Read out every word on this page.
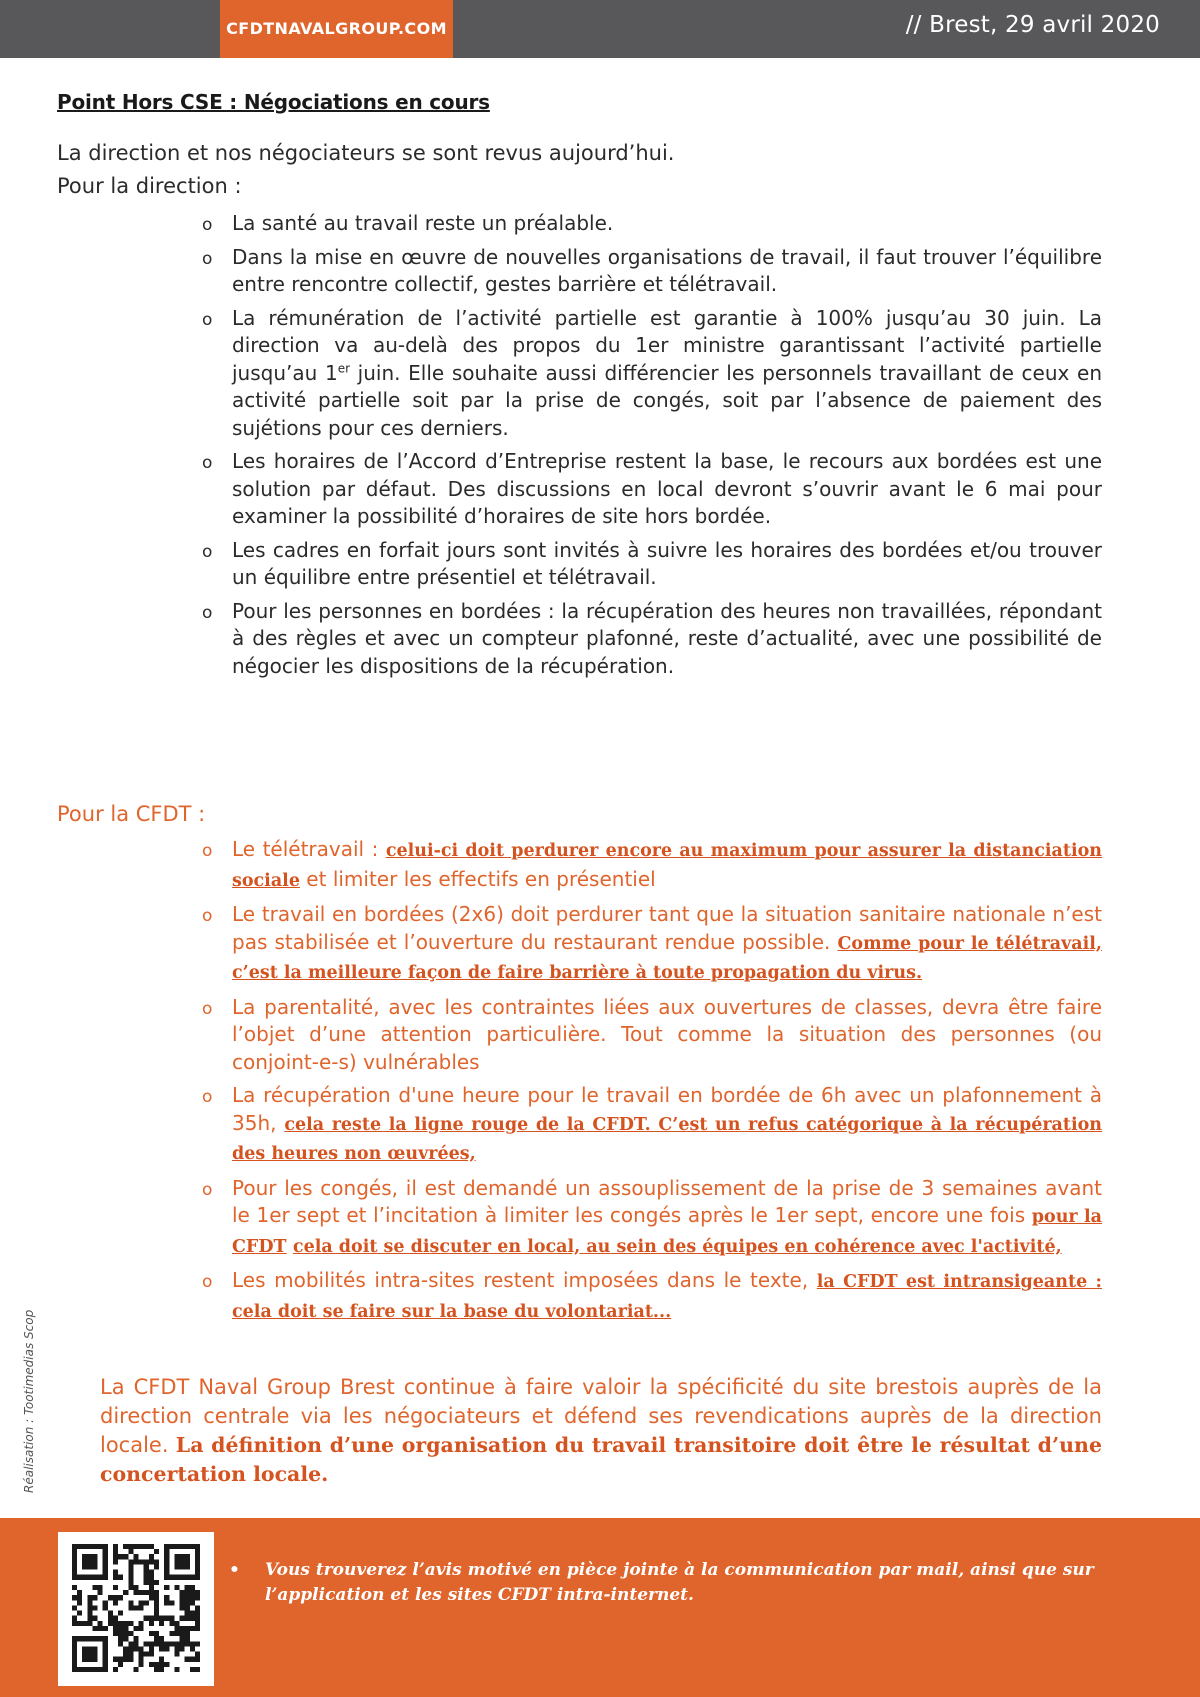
CFDTNAVALGROUP.COM	// Brest, 29 avril 2020
Point Hors CSE : Négociations en cours
La direction et nos négociateurs se sont revus aujourd’hui.
Pour la direction :
o La santé au travail reste un préalable.
o Dans la mise en œuvre de nouvelles organisations de travail, il faut trouver l’équilibre entre rencontre collectif, gestes barrière et télétravail.
o La rémunération de l’activité partielle est garantie à 100% jusqu’au 30 juin. La direction va au-delà des propos du 1er ministre garantissant l’activité partielle jusqu’au 1er juin. Elle souhaite aussi différencier les personnels travaillant de ceux en activité partielle soit par la prise de congés, soit par l’absence de paiement des sujétions pour ces derniers.
o Les horaires de l’Accord d’Entreprise restent la base, le recours aux bordées est une solution par défaut. Des discussions en local devront s’ouvrir avant le 6 mai pour examiner la possibilité d’horaires de site hors bordée.
o Les cadres en forfait jours sont invités à suivre les horaires des bordées et/ou trouver un équilibre entre présentiel et télétravail.
o Pour les personnes en bordées : la récupération des heures non travaillées, répondant à des règles et avec un compteur plafonné, reste d’actualité, avec une possibilité de négocier les dispositions de la récupération.
Pour la CFDT :
o Le télétravail : celui-ci doit perdurer encore au maximum pour assurer la distanciation sociale et limiter les effectifs en présentiel
o Le travail en bordées (2x6) doit perdurer tant que la situation sanitaire nationale n’est pas stabilisée et l’ouverture du restaurant rendue possible. Comme pour le télétravail, c’est la meilleure façon de faire barrière à toute propagation du virus.
o La parentalité, avec les contraintes liées aux ouvertures de classes, devra être faire l’objet d’une attention particulière. Tout comme la situation des personnes (ou conjoint-e-s) vulnérables
o La récupération d'une heure pour le travail en bordée de 6h avec un plafonnement à 35h, cela reste la ligne rouge de la CFDT. C’est un refus catégorique à la récupération des heures non œuvrées,
o Pour les congés, il est demandé un assouplissement de la prise de 3 semaines avant le 1er sept et l’incitation à limiter les congés après le 1er sept, encore une fois pour la CFDT cela doit se discuter en local, au sein des équipes en cohérence avec l'activité,
o Les mobilités intra-sites restent imposées dans le texte, la CFDT est intransigeante : cela doit se faire sur la base du volontariat...
La CFDT Naval Group Brest continue à faire valoir la spécificité du site brestois auprès de la direction centrale via les négociateurs et défend ses revendications auprès de la direction locale. La définition d’une organisation du travail transitoire doit être le résultat d’une concertation locale.
Réalisation : Tootimedias Scop
• Vous trouverez l’avis motivé en pièce jointe à la communication par mail, ainsi que sur l’application et les sites CFDT intra-internet.
